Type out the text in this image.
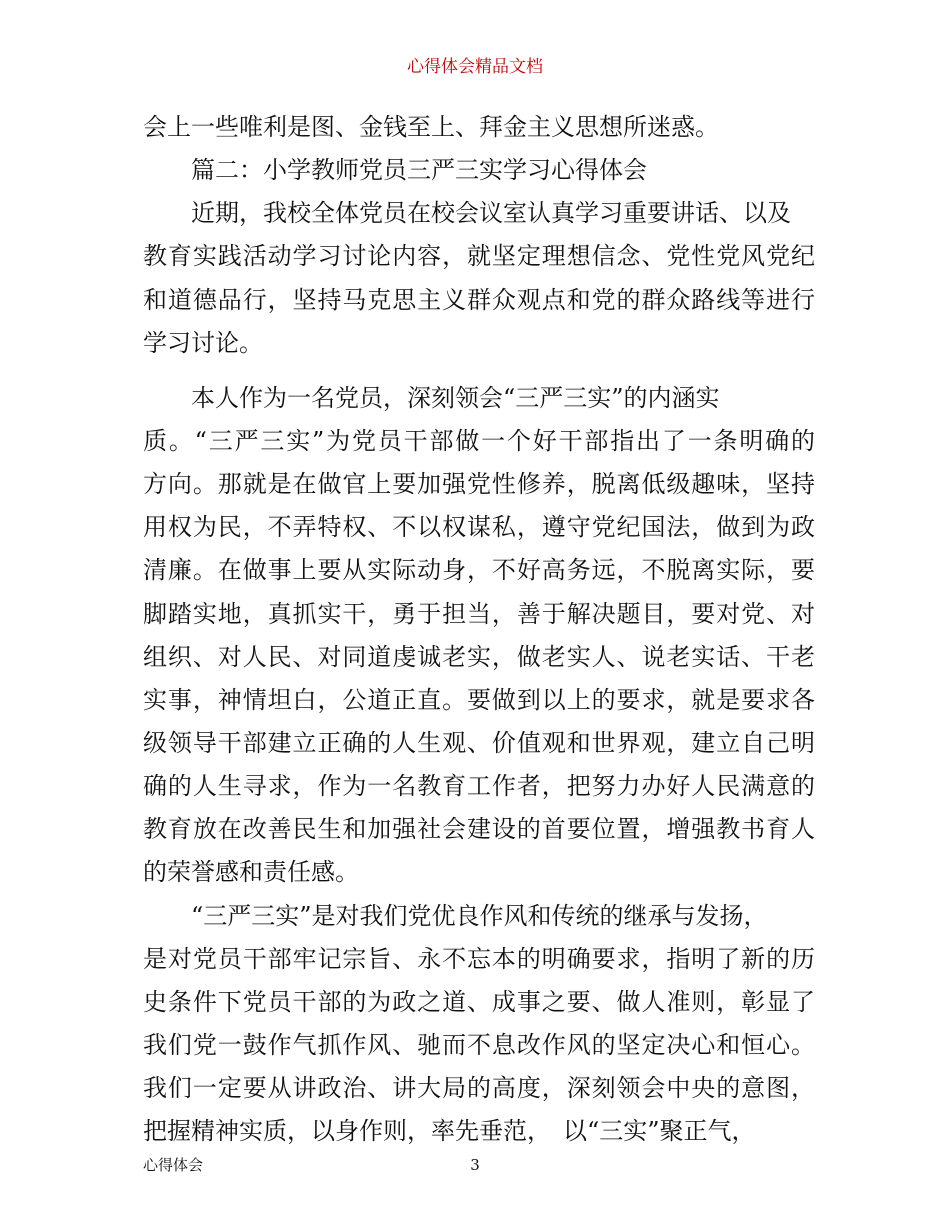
心得体会精品文档
会上一些唯利是图、金钱至上、拜金主义思想所迷惑。
篇二：小学教师党员三严三实学习心得体会
近期，我校全体党员在校会议室认真学习重要讲话、以及
教育实践活动学习讨论内容，就坚定理想信念、党性党风党纪
和道德品行，坚持马克思主义群众观点和党的群众路线等进行
学习讨论。
本人作为一名党员，深刻领会“三严三实”的内涵实
质。“三严三实”为党员干部做一个好干部指出了一条明确的
方向。那就是在做官上要加强党性修养，脱离低级趣味，坚持
用权为民，不弄特权、不以权谋私，遵守党纪国法，做到为政
清廉。在做事上要从实际动身，不好高务远，不脱离实际，要
脚踏实地，真抓实干，勇于担当，善于解决题目，要对党、对
组织、对人民、对同道虔诚老实，做老实人、说老实话、干老
实事，神情坦白，公道正直。要做到以上的要求，就是要求各
级领导干部建立正确的人生观、价值观和世界观，建立自己明
确的人生寻求，作为一名教育工作者，把努力办好人民满意的
教育放在改善民生和加强社会建设的首要位置，增强教书育人
的荣誉感和责任感。
“三严三实”是对我们党优良作风和传统的继承与发扬，
是对党员干部牢记宗旨、永不忘本的明确要求，指明了新的历
史条件下党员干部的为政之道、成事之要、做人准则，彰显了
我们党一鼓作气抓作风、驰而不息改作风的坚定决心和恒心。
我们一定要从讲政治、讲大局的高度，深刻领会中央的意图，
把握精神实质，以身作则，率先垂范，　以“三实”聚正气，
心得体会	3
